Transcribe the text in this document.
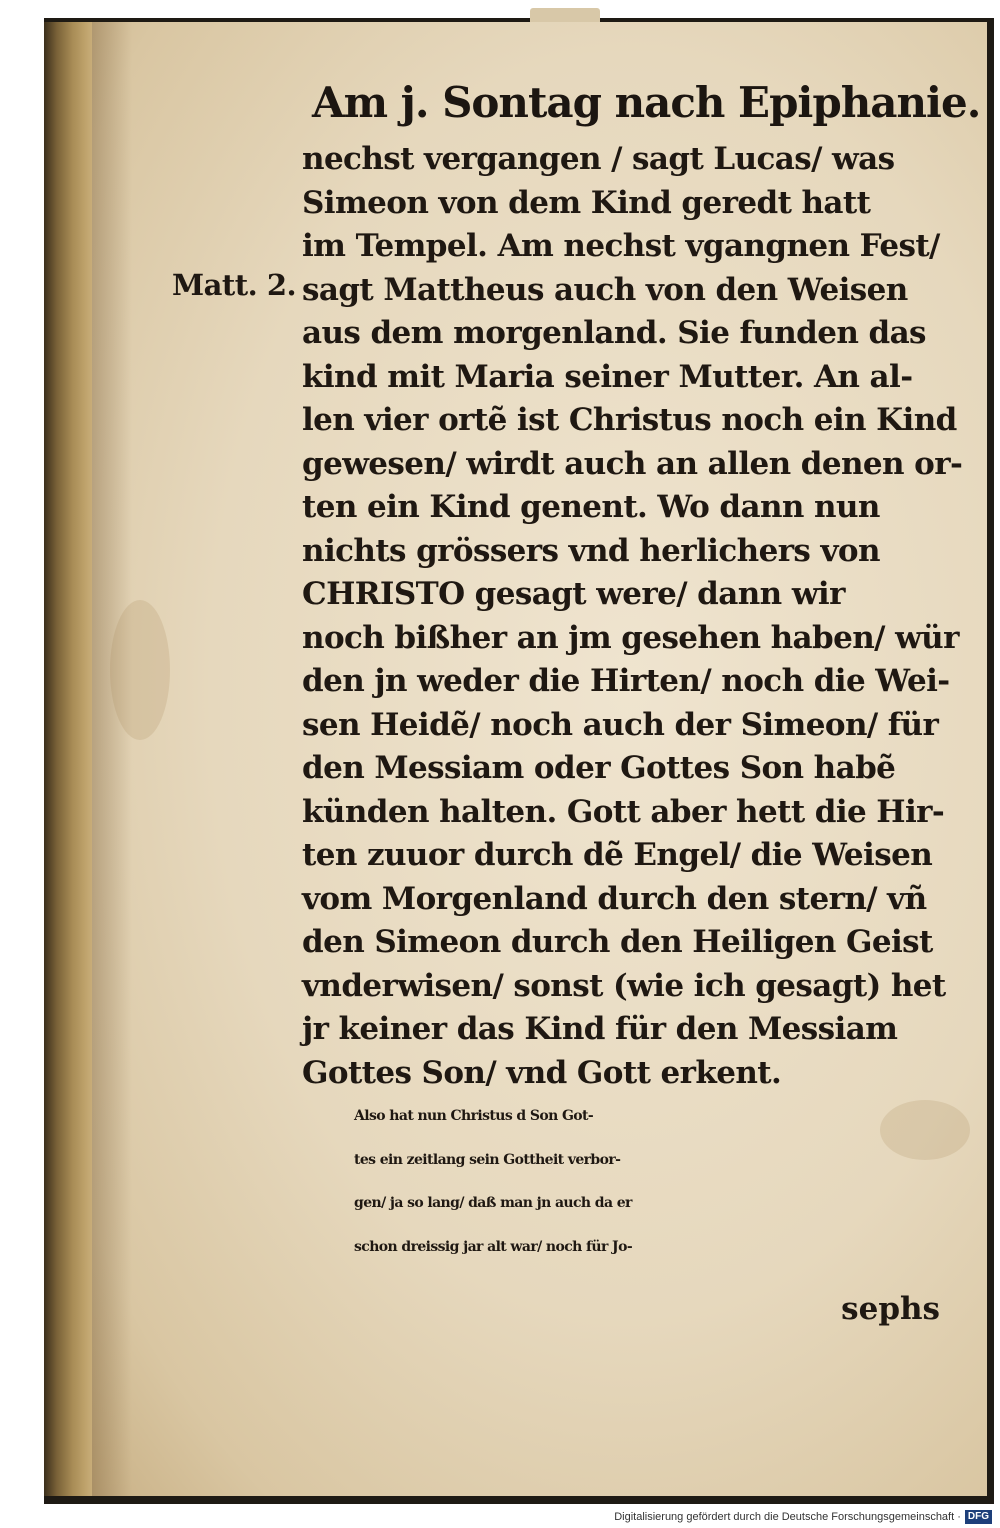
Am j. Sontag nach Epiphanie.
Matt. 2.
nechst vergangen / sagt Lucas/ was
Simeon von dem Kind geredt hatt
im Tempel. Am nechst vgangnen Fest/
sagt Mattheus auch von den Weisen
aus dem morgenland. Sie funden das
kind mit Maria seiner Mutter. An al-
len vier ortẽ ist Christus noch ein Kind
gewesen/ wirdt auch an allen denen or-
ten ein Kind genent. Wo dann nun
nichts grössers vnd herlichers von
CHRISTO gesagt were/ dann wir
noch bißher an jm gesehen haben/ wür
den jn weder die Hirten/ noch die Wei-
sen Heidẽ/ noch auch der Simeon/ für
den Messiam oder Gottes Son habẽ
künden halten. Gott aber hett die Hir-
ten zuuor durch dẽ Engel/ die Weisen
vom Morgenland durch den stern/ vñ
den Simeon durch den Heiligen Geist
vnderwisen/ sonst (wie ich gesagt) het
jr keiner das Kind für den Messiam
Gottes Son/ vnd Gott erkent.
Also hat nun Christus d Son Got-
tes ein zeitlang sein Gottheit verbor-
gen/ ja so lang/ daß man jn auch da er
schon dreissig jar alt war/ noch für Jo-
sephs
Digitalisierung gefördert durch die Deutsche Forschungsgemeinschaft · DFG
